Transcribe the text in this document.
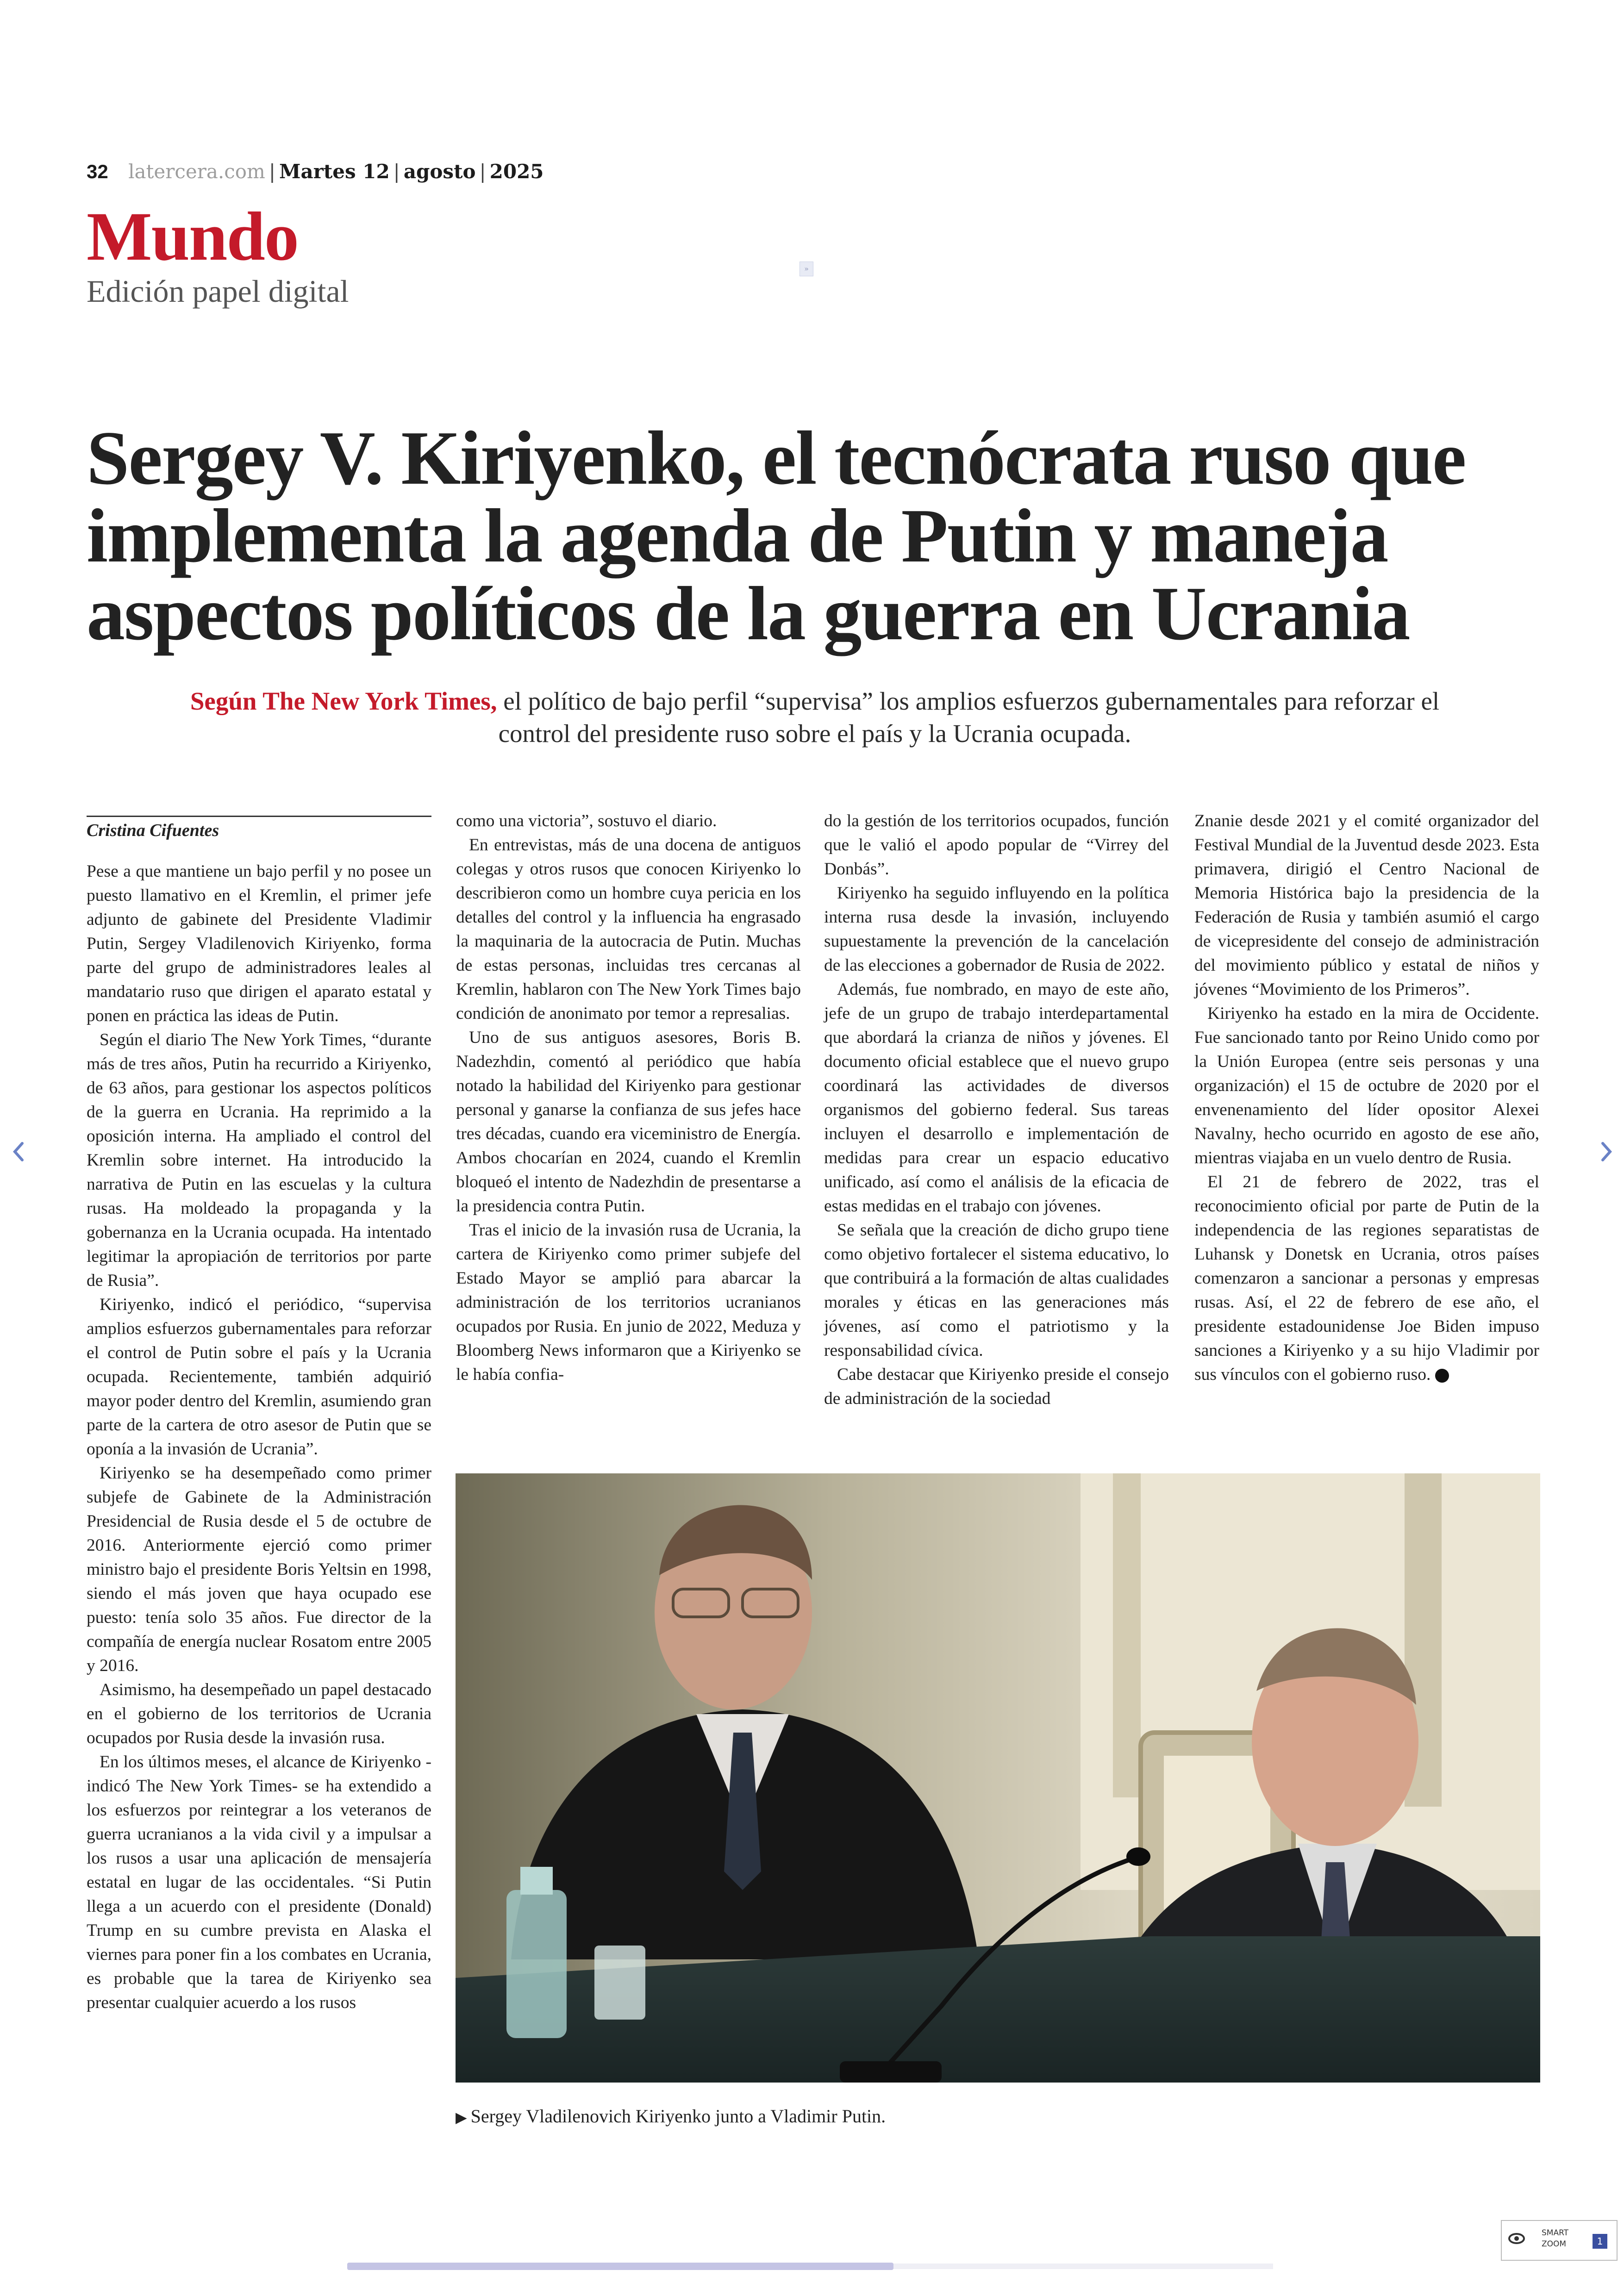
32 latercera.com | Martes 12 | agosto | 2025
Mundo
Edición papel digital
»
Sergey V. Kiriyenko, el tecnócrata ruso que implementa la agenda de Putin y maneja aspectos políticos de la guerra en Ucrania
Según The New York Times, el político de bajo perfil “supervisa” los amplios esfuerzos gubernamentales para reforzar el control del presidente ruso sobre el país y la Ucrania ocupada.
Cristina Cifuentes

Pese a que mantiene un bajo perfil y no posee un puesto llamativo en el Kremlin, el primer jefe adjunto de gabinete del Presidente Vladimir Putin, Sergey Vladilenovich Kiriyenko, forma parte del grupo de administradores leales al mandatario ruso que dirigen el aparato estatal y ponen en práctica las ideas de Putin.

Según el diario The New York Times, “durante más de tres años, Putin ha recurrido a Kiriyenko, de 63 años, para gestionar los aspectos políticos de la guerra en Ucrania. Ha reprimido a la oposición interna. Ha ampliado el control del Kremlin sobre internet. Ha introducido la narrativa de Putin en las escuelas y la cultura rusas. Ha moldeado la propaganda y la gobernanza en la Ucrania ocupada. Ha intentado legitimar la apropiación de territorios por parte de Rusia”.

Kiriyenko, indicó el periódico, “supervisa amplios esfuerzos gubernamentales para reforzar el control de Putin sobre el país y la Ucrania ocupada. Recientemente, también adquirió mayor poder dentro del Kremlin, asumiendo gran parte de la cartera de otro asesor de Putin que se oponía a la invasión de Ucrania”.

Kiriyenko se ha desempeñado como primer subjefe de Gabinete de la Administración Presidencial de Rusia desde el 5 de octubre de 2016. Anteriormente ejerció como primer ministro bajo el presidente Boris Yeltsin en 1998, siendo el más joven que haya ocupado ese puesto: tenía solo 35 años. Fue director de la compañía de energía nuclear Rosatom entre 2005 y 2016.

Asimismo, ha desempeñado un papel destacado en el gobierno de los territorios de Ucrania ocupados por Rusia desde la invasión rusa.

En los últimos meses, el alcance de Kiriyenko -indicó The New York Times- se ha extendido a los esfuerzos por reintegrar a los veteranos de guerra ucranianos a la vida civil y a impulsar a los rusos a usar una aplicación de mensajería estatal en lugar de las occidentales. “Si Putin llega a un acuerdo con el presidente (Donald) Trump en su cumbre prevista en Alaska el viernes para poner fin a los combates en Ucrania, es probable que la tarea de Kiriyenko sea presentar cualquier acuerdo a los rusos

como una victoria”, sostuvo el diario.

En entrevistas, más de una docena de antiguos colegas y otros rusos que conocen Kiriyenko lo describieron como un hombre cuya pericia en los detalles del control y la influencia ha engrasado la maquinaria de la autocracia de Putin. Muchas de estas personas, incluidas tres cercanas al Kremlin, hablaron con The New York Times bajo condición de anonimato por temor a represalias.

Uno de sus antiguos asesores, Boris B. Nadezhdin, comentó al periódico que había notado la habilidad del Kiriyenko para gestionar personal y ganarse la confianza de sus jefes hace tres décadas, cuando era viceministro de Energía. Ambos chocarían en 2024, cuando el Kremlin bloqueó el intento de Nadezhdin de presentarse a la presidencia contra Putin.

Tras el inicio de la invasión rusa de Ucrania, la cartera de Kiriyenko como primer subjefe del Estado Mayor se amplió para abarcar la administración de los territorios ucranianos ocupados por Rusia. En junio de 2022, Meduza y Bloomberg News informaron que a Kiriyenko se le había confia-

do la gestión de los territorios ocupados, función que le valió el apodo popular de “Virrey del Donbás”.

Kiriyenko ha seguido influyendo en la política interna rusa desde la invasión, incluyendo supuestamente la prevención de la cancelación de las elecciones a gobernador de Rusia de 2022.

Además, fue nombrado, en mayo de este año, jefe de un grupo de trabajo interdepartamental que abordará la crianza de niños y jóvenes. El documento oficial establece que el nuevo grupo coordinará las actividades de diversos organismos del gobierno federal. Sus tareas incluyen el desarrollo e implementación de medidas para crear un espacio educativo unificado, así como el análisis de la eficacia de estas medidas en el trabajo con jóvenes.

Se señala que la creación de dicho grupo tiene como objetivo fortalecer el sistema educativo, lo que contribuirá a la formación de altas cualidades morales y éticas en las generaciones más jóvenes, así como el patriotismo y la responsabilidad cívica.

Cabe destacar que Kiriyenko preside el consejo de administración de la sociedad

Znanie desde 2021 y el comité organizador del Festival Mundial de la Juventud desde 2023. Esta primavera, dirigió el Centro Nacional de Memoria Histórica bajo la presidencia de la Federación de Rusia y también asumió el cargo de vicepresidente del consejo de administración del movimiento público y estatal de niños y jóvenes “Movimiento de los Primeros”.

Kiriyenko ha estado en la mira de Occidente. Fue sancionado tanto por Reino Unido como por la Unión Europea (entre seis personas y una organización) el 15 de octubre de 2020 por el envenenamiento del líder opositor Alexei Navalny, hecho ocurrido en agosto de ese año, mientras viajaba en un vuelo dentro de Rusia.

El 21 de febrero de 2022, tras el reconocimiento oficial por parte de Putin de la independencia de las regiones separatistas de Luhansk y Donetsk en Ucrania, otros países comenzaron a sancionar a personas y empresas rusas. Así, el 22 de febrero de ese año, el presidente estadounidense Joe Biden impuso sanciones a Kiriyenko y a su hijo Vladimir por sus vínculos con el gobierno ruso.

▶ Sergey Vladilenovich Kiriyenko junto a Vladimir Putin.
SMART
ZOOM	1
